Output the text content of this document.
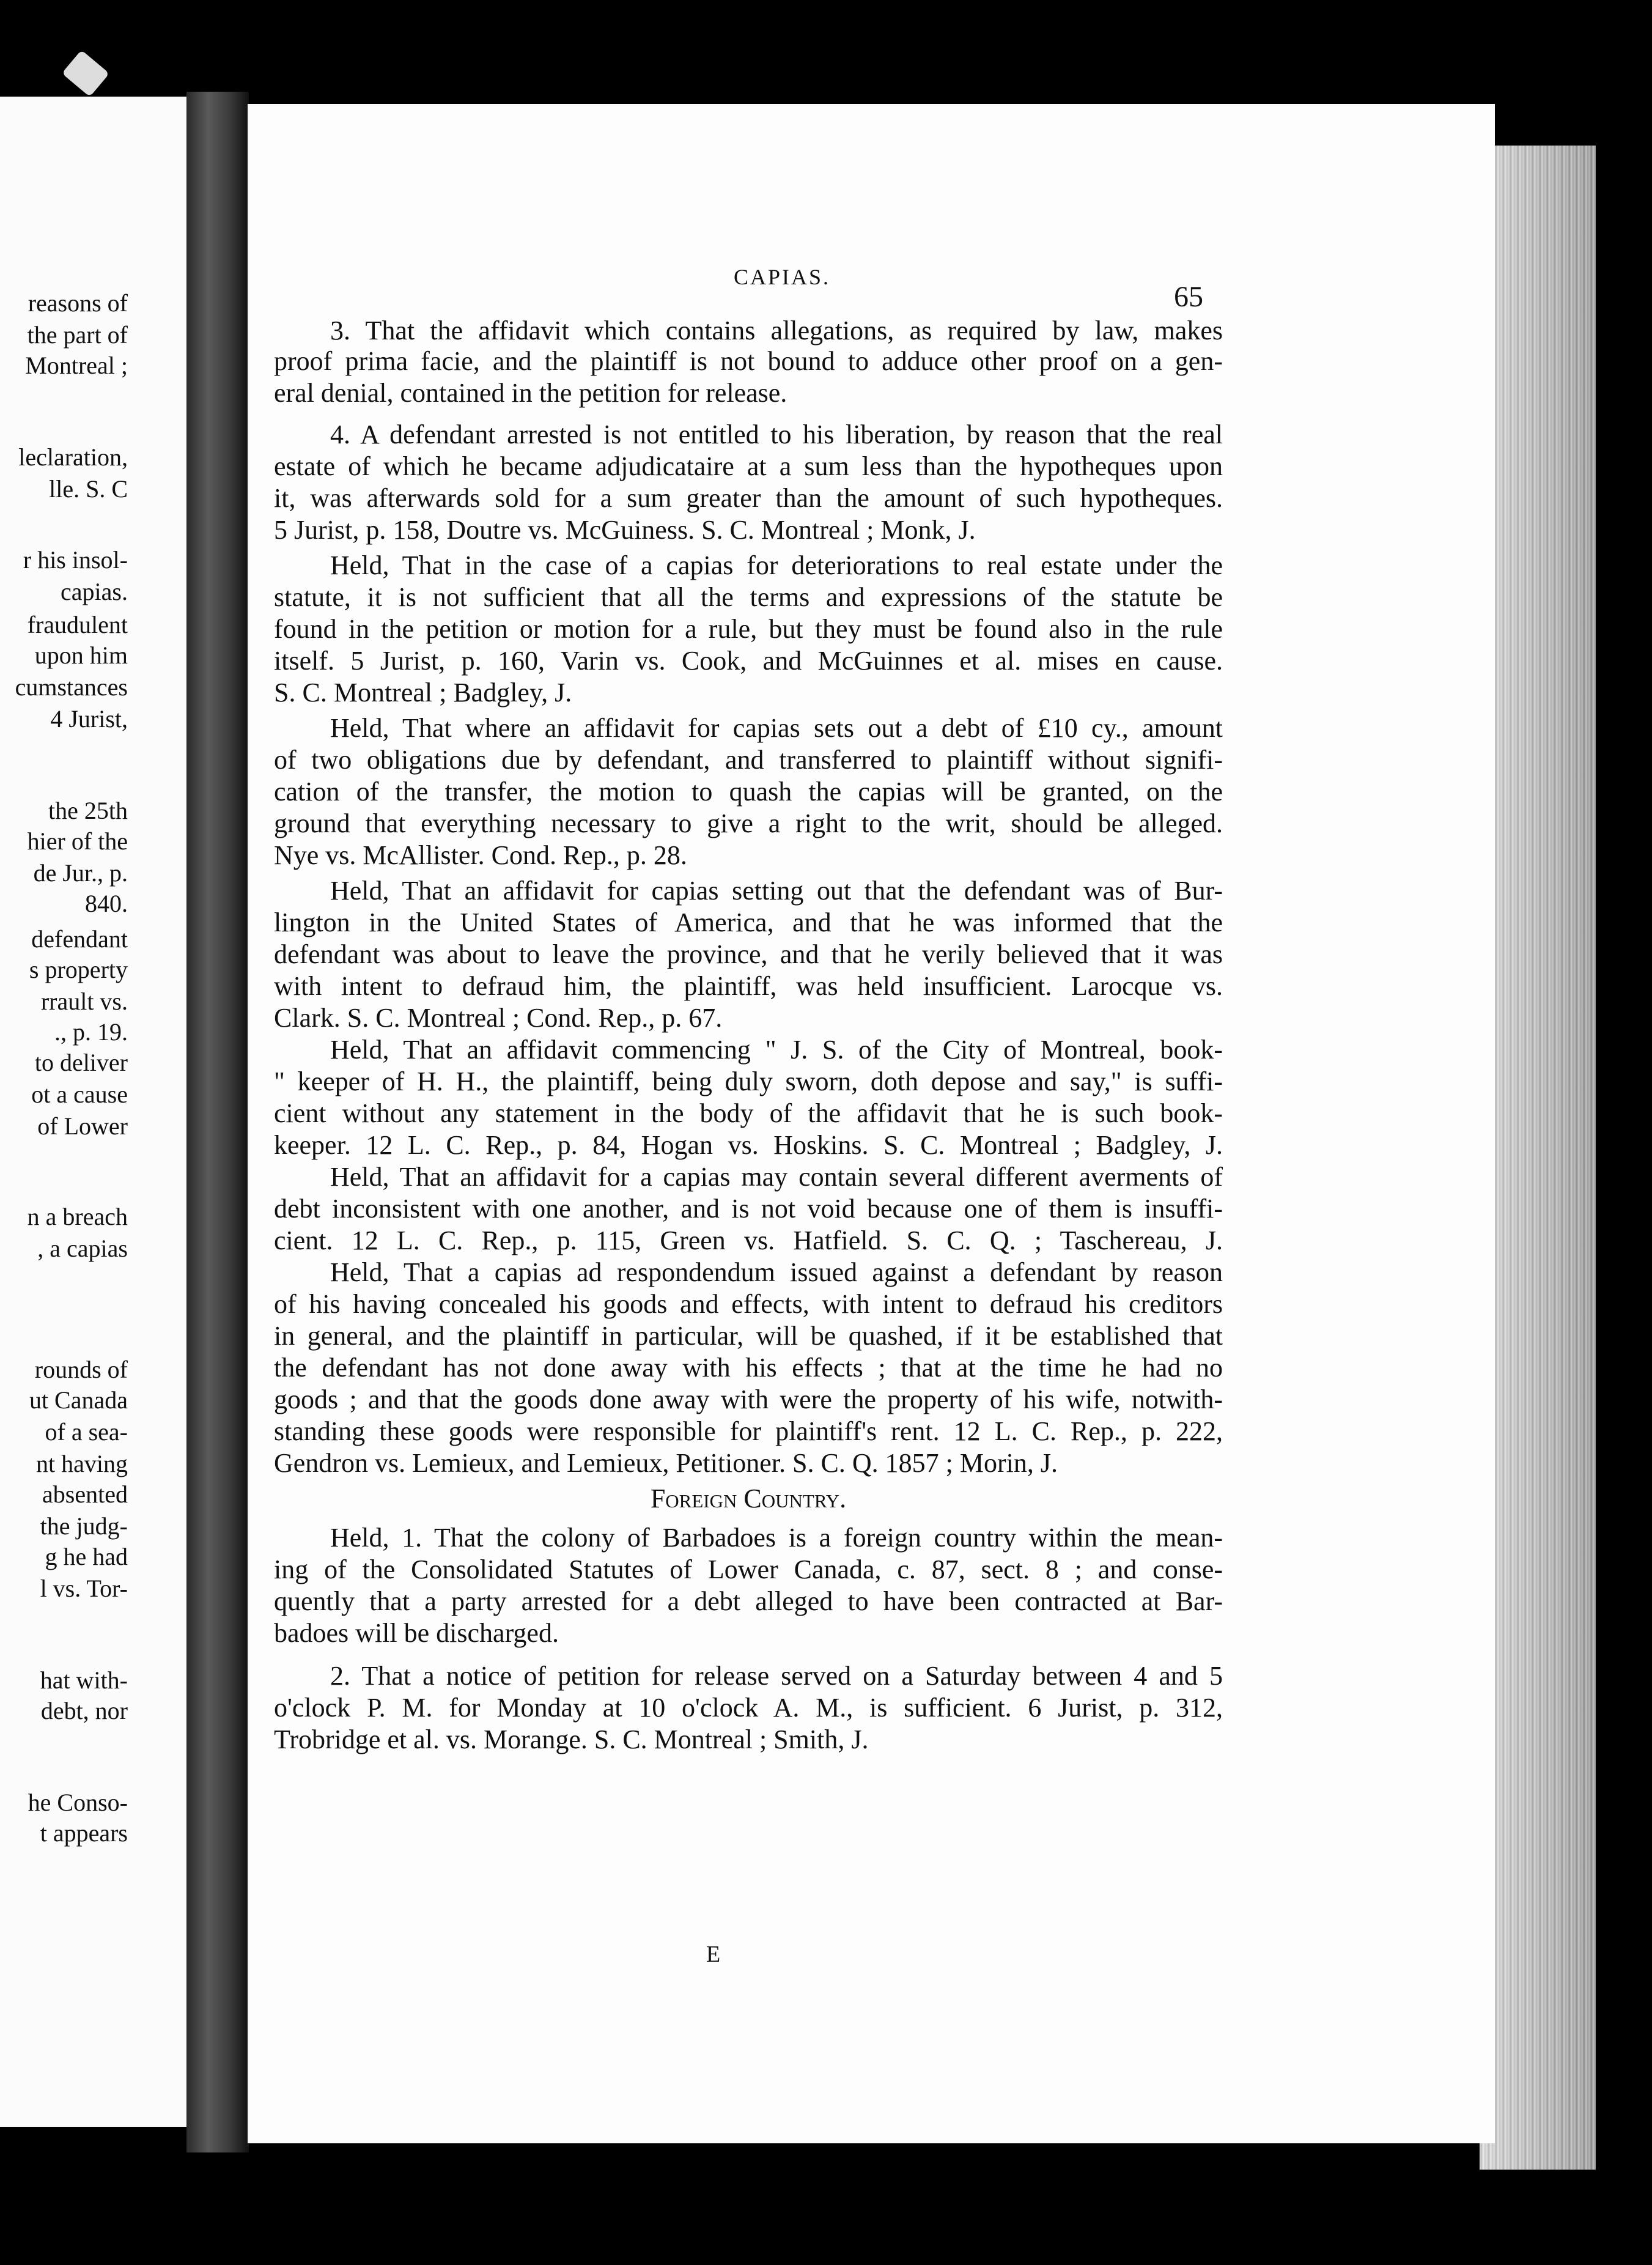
reasons of
the part of
Montreal ;
leclaration,
lle. S. C
r his insol-
capias.
fraudulent
upon him
cumstances
4 Jurist,
the 25th
hier of the
de Jur., p.
840.
defendant
s property
rrault vs.
., p. 19.
to deliver
ot a cause
of Lower
n a breach
, a capias
rounds of
ut Canada
of a sea-
nt having
absented
the judg-
g he had
l vs. Tor-
hat with-
debt, nor
he Conso-
t appears
CAPIAS.
65
3. That the affidavit which contains allegations, as required by law, makes
proof prima facie, and the plaintiff is not bound to adduce other proof on a gen-
eral denial, contained in the petition for release.
4. A defendant arrested is not entitled to his liberation, by reason that the real
estate of which he became adjudicataire at a sum less than the hypotheques upon
it, was afterwards sold for a sum greater than the amount of such hypotheques.
5 Jurist, p. 158, Doutre vs. McGuiness. S. C. Montreal ; Monk, J.
Held, That in the case of a capias for deteriorations to real estate under the
statute, it is not sufficient that all the terms and expressions of the statute be
found in the petition or motion for a rule, but they must be found also in the rule
itself. 5 Jurist, p. 160, Varin vs. Cook, and McGuinnes et al. mises en cause.
S. C. Montreal ; Badgley, J.
Held, That where an affidavit for capias sets out a debt of £10 cy., amount
of two obligations due by defendant, and transferred to plaintiff without signifi-
cation of the transfer, the motion to quash the capias will be granted, on the
ground that everything necessary to give a right to the writ, should be alleged.
Nye vs. McAllister. Cond. Rep., p. 28.
Held, That an affidavit for capias setting out that the defendant was of Bur-
lington in the United States of America, and that he was informed that the
defendant was about to leave the province, and that he verily believed that it was
with intent to defraud him, the plaintiff, was held insufficient. Larocque vs.
Clark. S. C. Montreal ; Cond. Rep., p. 67.
Held, That an affidavit commencing " J. S. of the City of Montreal, book-
" keeper of H. H., the plaintiff, being duly sworn, doth depose and say," is suffi-
cient without any statement in the body of the affidavit that he is such book-
keeper. 12 L. C. Rep., p. 84, Hogan vs. Hoskins. S. C. Montreal ; Badgley, J.
Held, That an affidavit for a capias may contain several different averments of
debt inconsistent with one another, and is not void because one of them is insuffi-
cient. 12 L. C. Rep., p. 115, Green vs. Hatfield. S. C. Q. ; Taschereau, J.
Held, That a capias ad respondendum issued against a defendant by reason
of his having concealed his goods and effects, with intent to defraud his creditors
in general, and the plaintiff in particular, will be quashed, if it be established that
the defendant has not done away with his effects ; that at the time he had no
goods ; and that the goods done away with were the property of his wife, notwith-
standing these goods were responsible for plaintiff's rent. 12 L. C. Rep., p. 222,
Gendron vs. Lemieux, and Lemieux, Petitioner. S. C. Q. 1857 ; Morin, J.
Foreign Country.
Held, 1. That the colony of Barbadoes is a foreign country within the mean-
ing of the Consolidated Statutes of Lower Canada, c. 87, sect. 8 ; and conse-
quently that a party arrested for a debt alleged to have been contracted at Bar-
badoes will be discharged.
2. That a notice of petition for release served on a Saturday between 4 and 5
o'clock P. M. for Monday at 10 o'clock A. M., is sufficient. 6 Jurist, p. 312,
Trobridge et al. vs. Morange. S. C. Montreal ; Smith, J.
E
